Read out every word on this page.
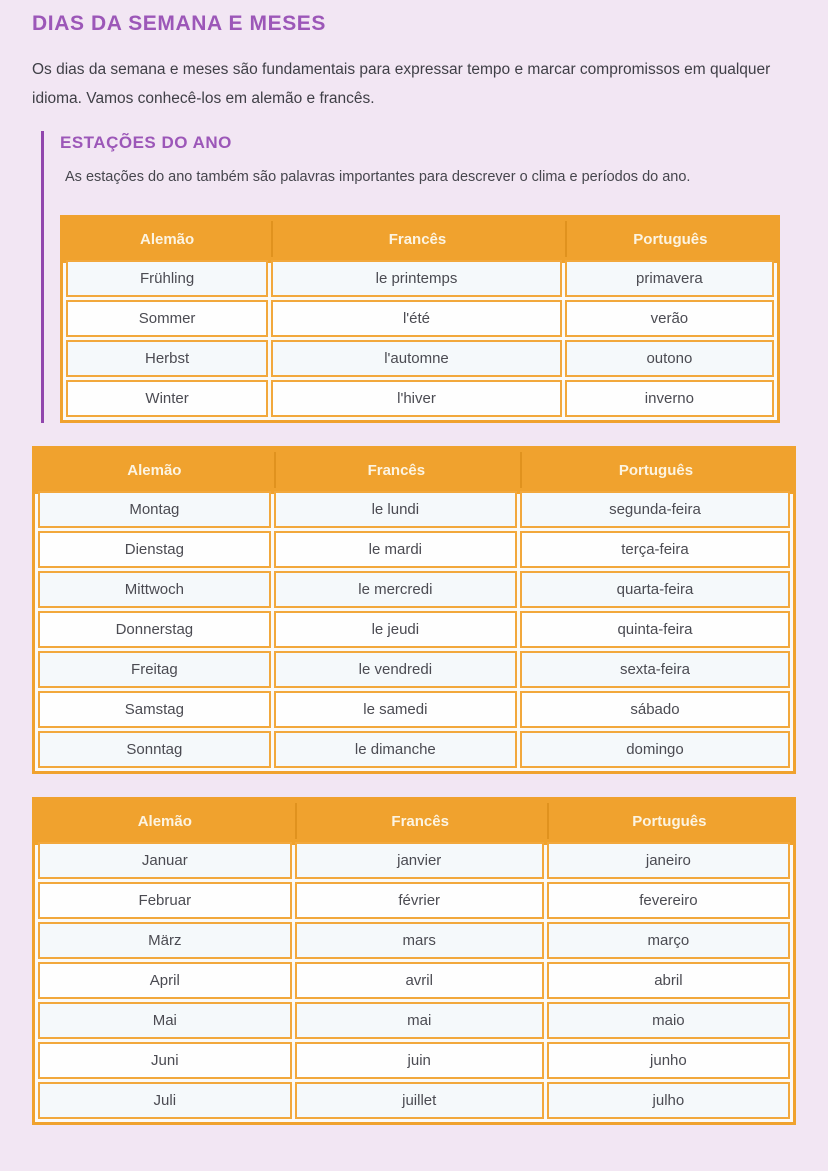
DIAS DA SEMANA E MESES

Os dias da semana e meses são fundamentais para expressar tempo e marcar compromissos em qualquer idioma. Vamos conhecê-los em alemão e francês.

ESTAÇÕES DO ANO

As estações do ano também são palavras importantes para descrever o clima e períodos do ano.

Alemão	Francês	Português
Frühling	le printemps	primavera
Sommer	l'été	verão
Herbst	l'automne	outono
Winter	l'hiver	inverno
Alemão	Francês	Português
Montag	le lundi	segunda-feira
Dienstag	le mardi	terça-feira
Mittwoch	le mercredi	quarta-feira
Donnerstag	le jeudi	quinta-feira
Freitag	le vendredi	sexta-feira
Samstag	le samedi	sábado
Sonntag	le dimanche	domingo
Alemão	Francês	Português
Januar	janvier	janeiro
Februar	février	fevereiro
März	mars	março
April	avril	abril
Mai	mai	maio
Juni	juin	junho
Juli	juillet	julho
